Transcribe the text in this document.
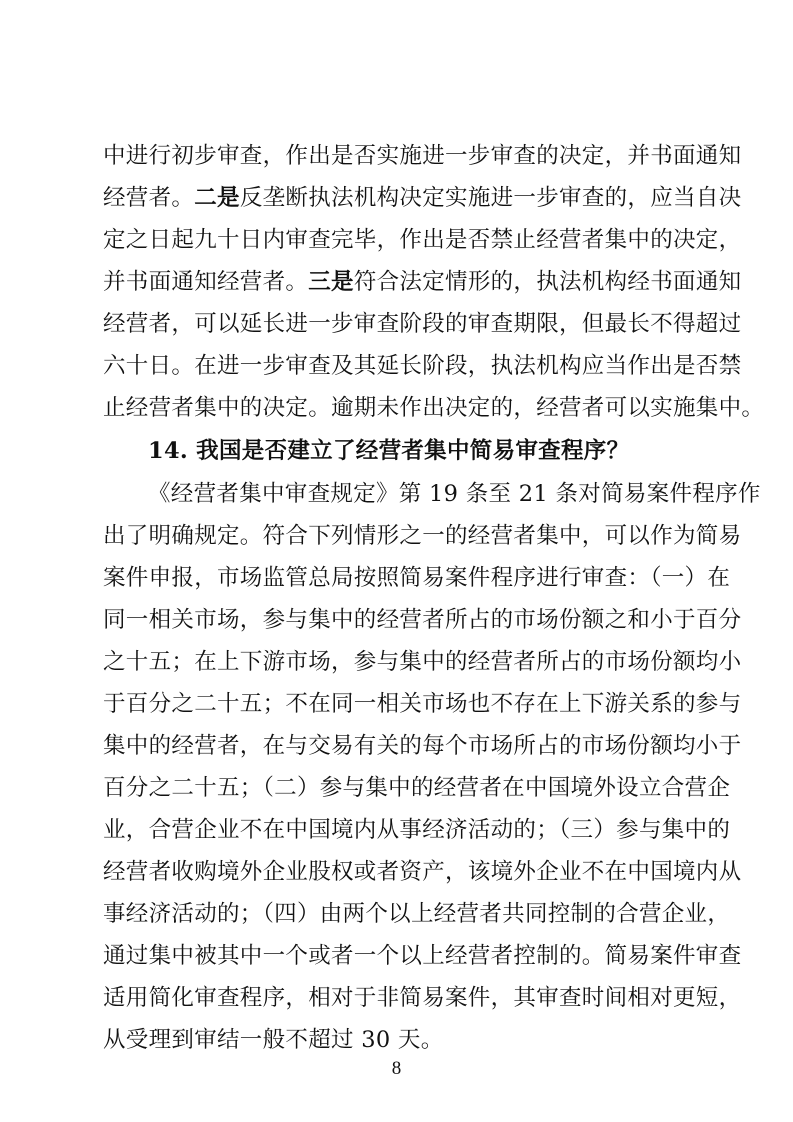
中进行初步审查，作出是否实施进一步审查的决定，并书面通知
经营者。二是反垄断执法机构决定实施进一步审查的，应当自决
定之日起九十日内审查完毕，作出是否禁止经营者集中的决定，
并书面通知经营者。三是符合法定情形的，执法机构经书面通知
经营者，可以延长进一步审查阶段的审查期限，但最长不得超过
六十日。在进一步审查及其延长阶段，执法机构应当作出是否禁
止经营者集中的决定。逾期未作出决定的，经营者可以实施集中。
14. 我国是否建立了经营者集中简易审查程序？
《经营者集中审查规定》第 19 条至 21 条对简易案件程序作
出了明确规定。符合下列情形之一的经营者集中，可以作为简易
案件申报，市场监管总局按照简易案件程序进行审查：（一）在
同一相关市场，参与集中的经营者所占的市场份额之和小于百分
之十五；在上下游市场，参与集中的经营者所占的市场份额均小
于百分之二十五；不在同一相关市场也不存在上下游关系的参与
集中的经营者，在与交易有关的每个市场所占的市场份额均小于
百分之二十五；（二）参与集中的经营者在中国境外设立合营企
业，合营企业不在中国境内从事经济活动的；（三）参与集中的
经营者收购境外企业股权或者资产，该境外企业不在中国境内从
事经济活动的；（四）由两个以上经营者共同控制的合营企业，
通过集中被其中一个或者一个以上经营者控制的。简易案件审查
适用简化审查程序，相对于非简易案件，其审查时间相对更短，
从受理到审结一般不超过 30 天。
8
